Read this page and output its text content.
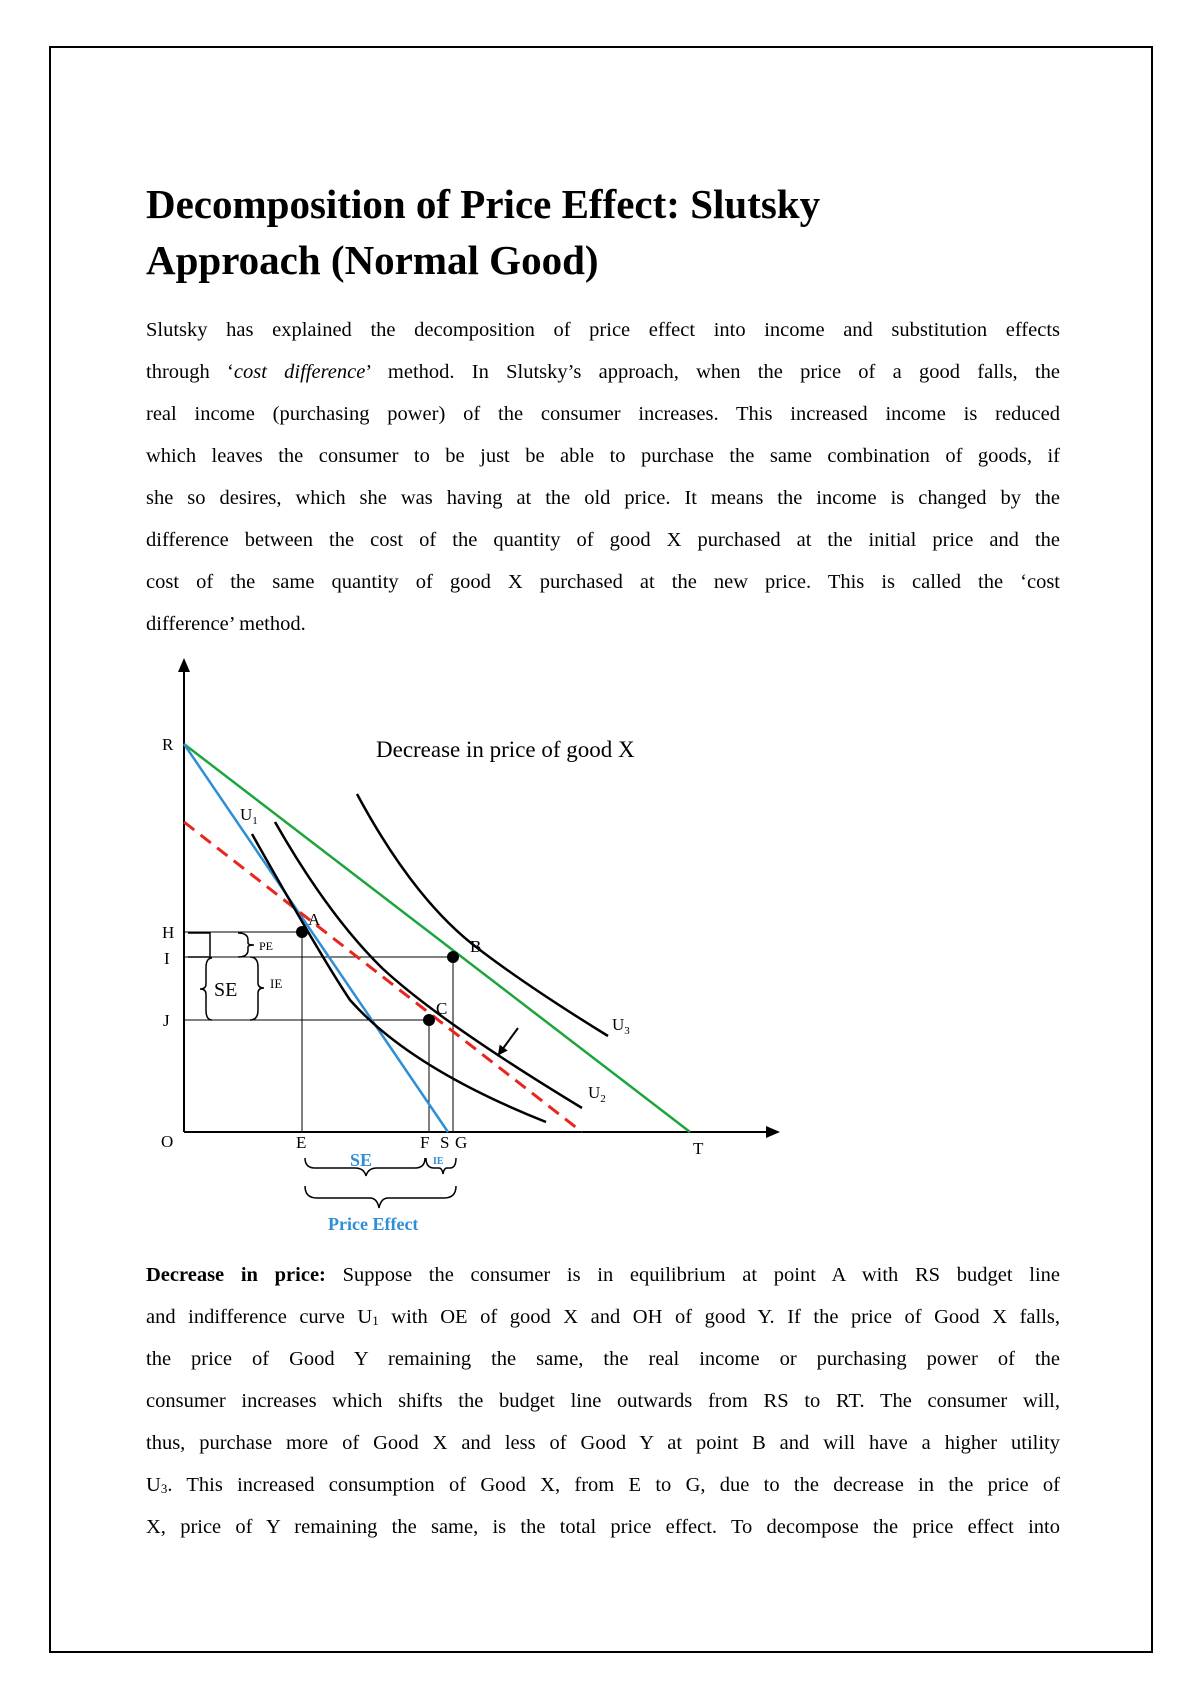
Decomposition of Price Effect: Slutsky
Approach (Normal Good)
Slutsky has explained the decomposition of price effect into income and substitution effects
through ‘cost difference’ method. In Slutsky’s approach, when the price of a good falls, the
real income (purchasing power) of the consumer increases. This increased income is reduced
which leaves the consumer to be just be able to purchase the same combination of goods, if
she so desires, which she was having at the old price. It means the income is changed by the
difference between the cost of the quantity of good X purchased at the initial price and the
cost of the same quantity of good X purchased at the new price. This is called the ‘cost
difference’ method.
Decrease in price of good X
R
H
I
J
O	E	F S G	T
A
B
C
$U_1$
$U_2$
$U_3$
PE
SE	IE
SE	IE
Price Effect
Decrease in price: Suppose the consumer is in equilibrium at point A with RS budget line
and indifference curve $U_1$ with OE of good X and OH of good Y. If the price of Good X falls,
the price of Good Y remaining the same, the real income or purchasing power of the
consumer increases which shifts the budget line outwards from RS to RT. The consumer will,
thus, purchase more of Good X and less of Good Y at point B and will have a higher utility
$U_3$. This increased consumption of Good X, from E to G, due to the decrease in the price of
X, price of Y remaining the same, is the total price effect. To decompose the price effect into
